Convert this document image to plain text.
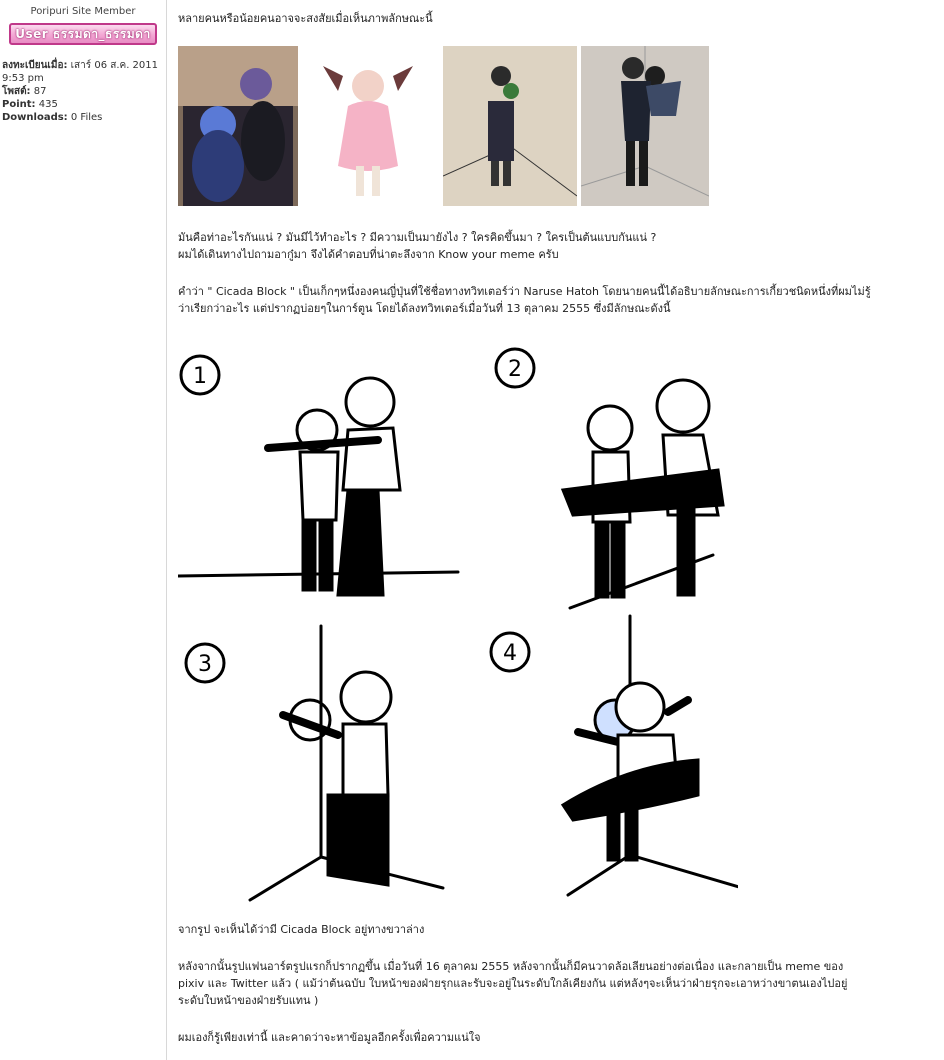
Poripuri Site Member
User ธรรมดา_ธรรมดา
ลงทะเบียนเมื่อ: เสาร์ 06 ส.ค. 2011 9:53 pm
โพสต์: 87
Point: 435
Downloads: 0 Files
หลายคนหรือน้อยคนอาจจะสงสัยเมื่อเห็นภาพลักษณะนี้
มันคือท่าอะไรกันแน่ ? มันมีไว้ทำอะไร ? มีความเป็นมายังไง ? ใครคิดขึ้นมา ? ใครเป็นต้นแบบกันแน่ ?
ผมได้เดินทางไปถามอากู๋มา จึงได้คำตอบที่น่าตะลึงจาก Know your meme ครับ
คำว่า " Cicada Block " เป็นเก็กๆหนึ่งองคนญี่ปุ่นที่ใช้ชื่อทางทวิทเตอร์ว่า Naruse Hatoh โดยนายคนนี้ได้อธิบายลักษณะการเกี้ยวชนิดหนึ่งที่ผมไม่รู้
ว่าเรียกว่าอะไร แต่ปรากฏบ่อยๆในการ์ตูน โดยได้ลงทวิทเตอร์เมื่อวันที่ 13 ตุลาคม 2555 ซึ่งมีลักษณะดังนี้
1	2
3	4
จากรูป จะเห็นได้ว่ามี Cicada Block อยู่ทางขวาล่าง
หลังจากนั้นรูปแฟนอาร์ตรูปแรกก็ปรากฏขึ้น เมื่อวันที่ 16 ตุลาคม 2555 หลังจากนั้นก็มีคนวาดล้อเลียนอย่างต่อเนื่อง และกลายเป็น meme ของ
pixiv และ Twitter แล้ว ( แม้ว่าต้นฉบับ ใบหน้าของฝ่ายรุกและรับจะอยู่ในระดับใกล้เคียงกัน แต่หลังๆจะเห็นว่าฝ่ายรุกจะเอาหว่างขาตนเองไปอยู่
ระดับใบหน้าของฝ่ายรับแทน )
ผมเองก็รู้เพียงเท่านี้ และคาดว่าจะหาข้อมูลอีกครั้งเพื่อความแน่ใจ
